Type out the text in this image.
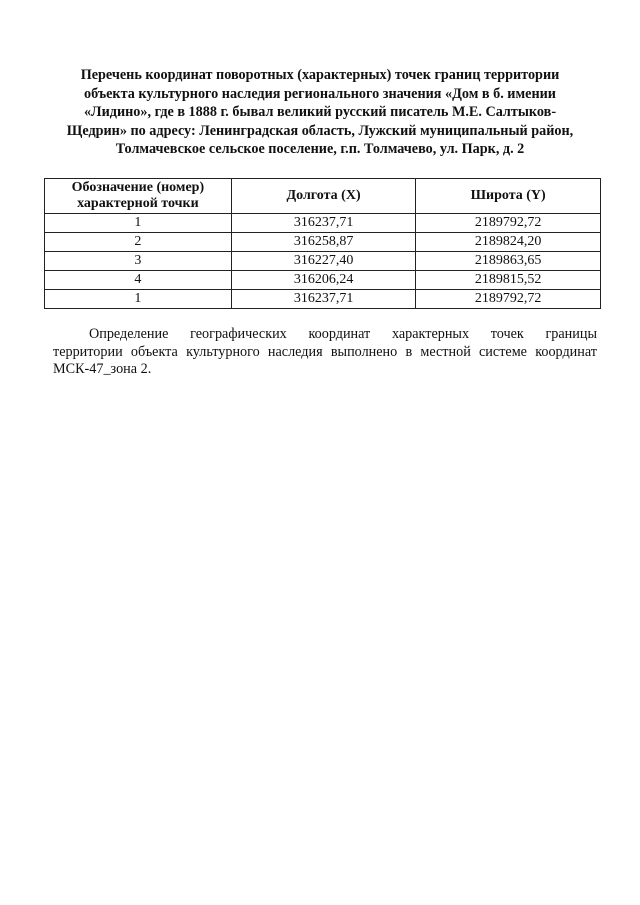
Перечень координат поворотных (характерных) точек границ территории
объекта культурного наследия регионального значения «Дом в б. имении
«Лидино», где в 1888 г. бывал великий русский писатель М.Е. Салтыков-
Щедрин» по адресу: Ленинградская область, Лужский муниципальный район,
Толмачевское сельское поселение, г.п. Толмачево, ул. Парк, д. 2
Обозначение (номер)
характерной точки	Долгота (X)	Широта (Y)
1	316237,71	2189792,72
2	316258,87	2189824,20
3	316227,40	2189863,65
4	316206,24	2189815,52
1	316237,71	2189792,72
Определение географических координат характерных точек границы
территории объекта культурного наследия выполнено в местной системе координат
МСК-47_зона 2.
